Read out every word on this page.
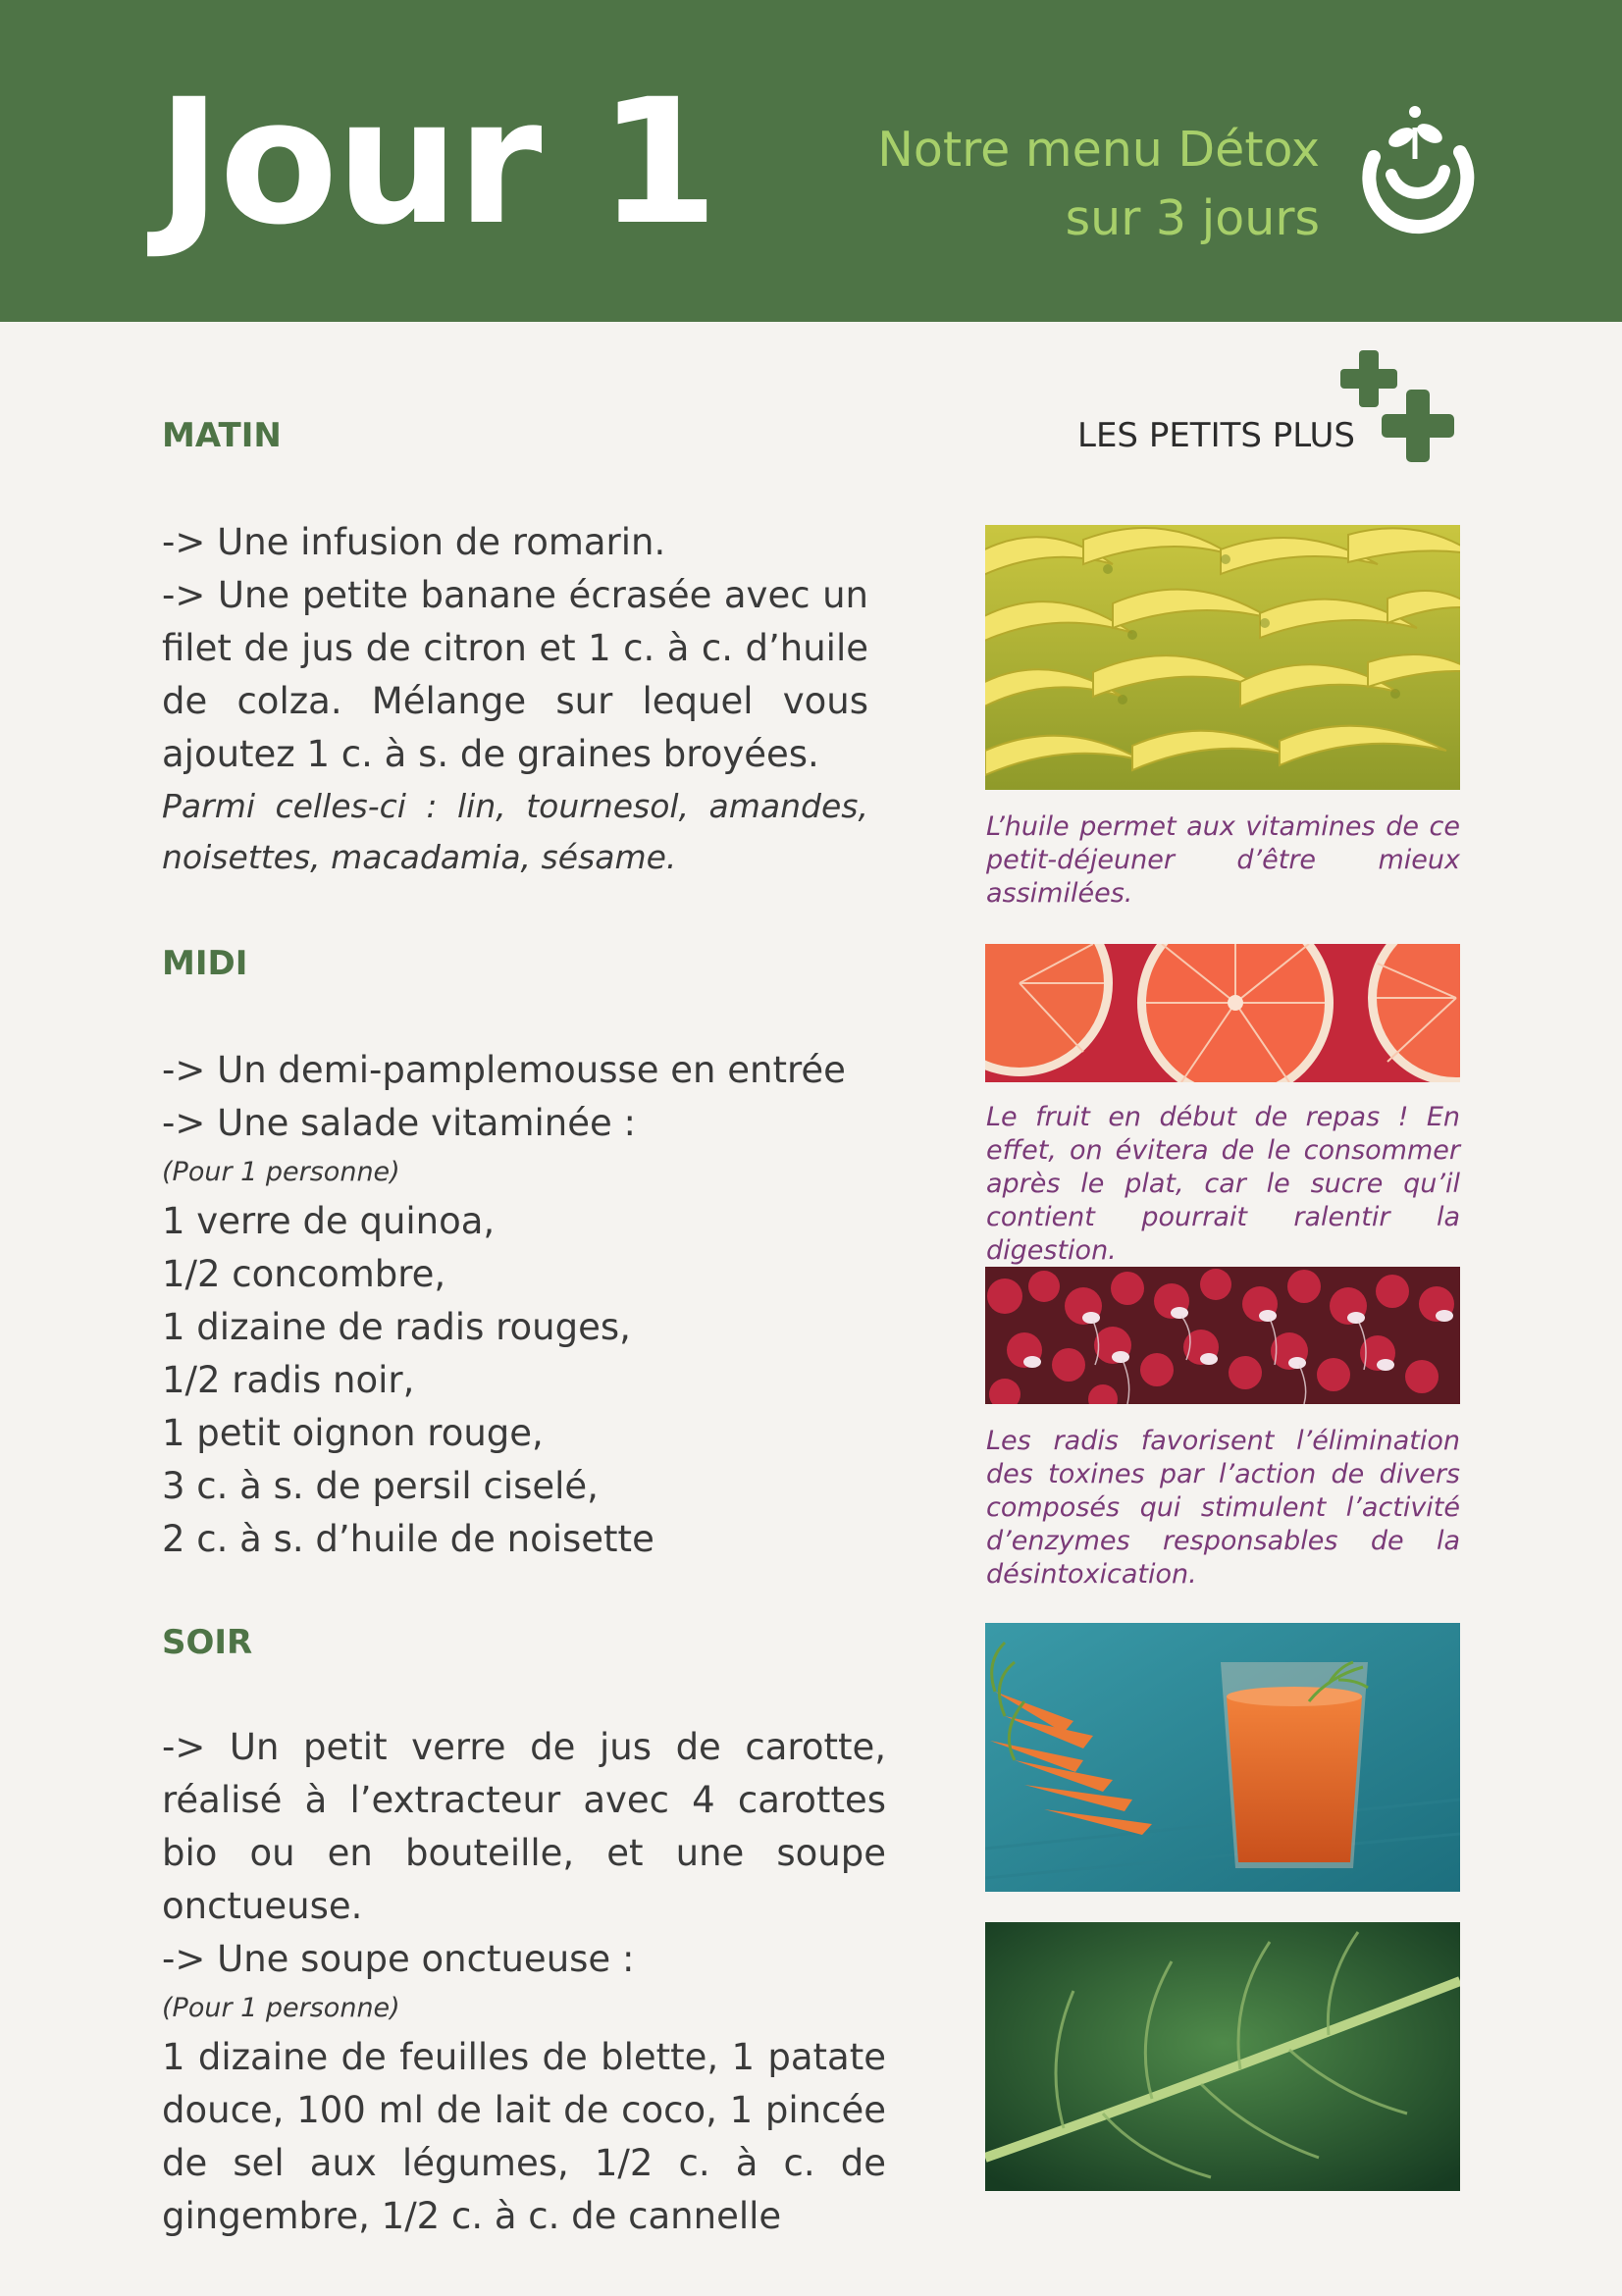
Jour 1	Notre menu Détox
sur 3 jours
LES PETITS PLUS
MATIN

-> Une infusion de romarin.

-> Une petite banane écrasée avec un filet de jus de citron et 1 c. à c. d’huile de colza. Mélange sur lequel vous ajoutez 1 c. à s. de graines broyées.

Parmi celles-ci : lin, tournesol, amandes, noisettes, macadamia, sésame.

MIDI

-> Un demi-pamplemousse en entrée

-> Une salade vitaminée :

(Pour 1 personne)

1 verre de quinoa,

1/2 concombre,

1 dizaine de radis rouges,

1/2 radis noir,

1 petit oignon rouge,

3 c. à s. de persil ciselé,

2 c. à s. d’huile de noisette

SOIR

-> Un petit verre de jus de carotte, réalisé à l’extracteur avec 4 carottes bio ou en bouteille, et une soupe onctueuse.

-> Une soupe onctueuse :

(Pour 1 personne)

1 dizaine de feuilles de blette, 1 patate douce, 100 ml de lait de coco, 1 pincée de sel aux légumes, 1/2 c. à c. de gingembre, 1/2 c. à c. de cannelle

L’huile permet aux vitamines de ce petit-déjeuner d’être mieux assimilées.
Le fruit en début de repas ! En effet, on évitera de le consommer après le plat, car le sucre qu’il contient pourrait ralentir la digestion.
Les radis favorisent l’élimination des toxines par l’action de divers composés qui stimulent l’activité d’enzymes responsables de la désintoxication.
